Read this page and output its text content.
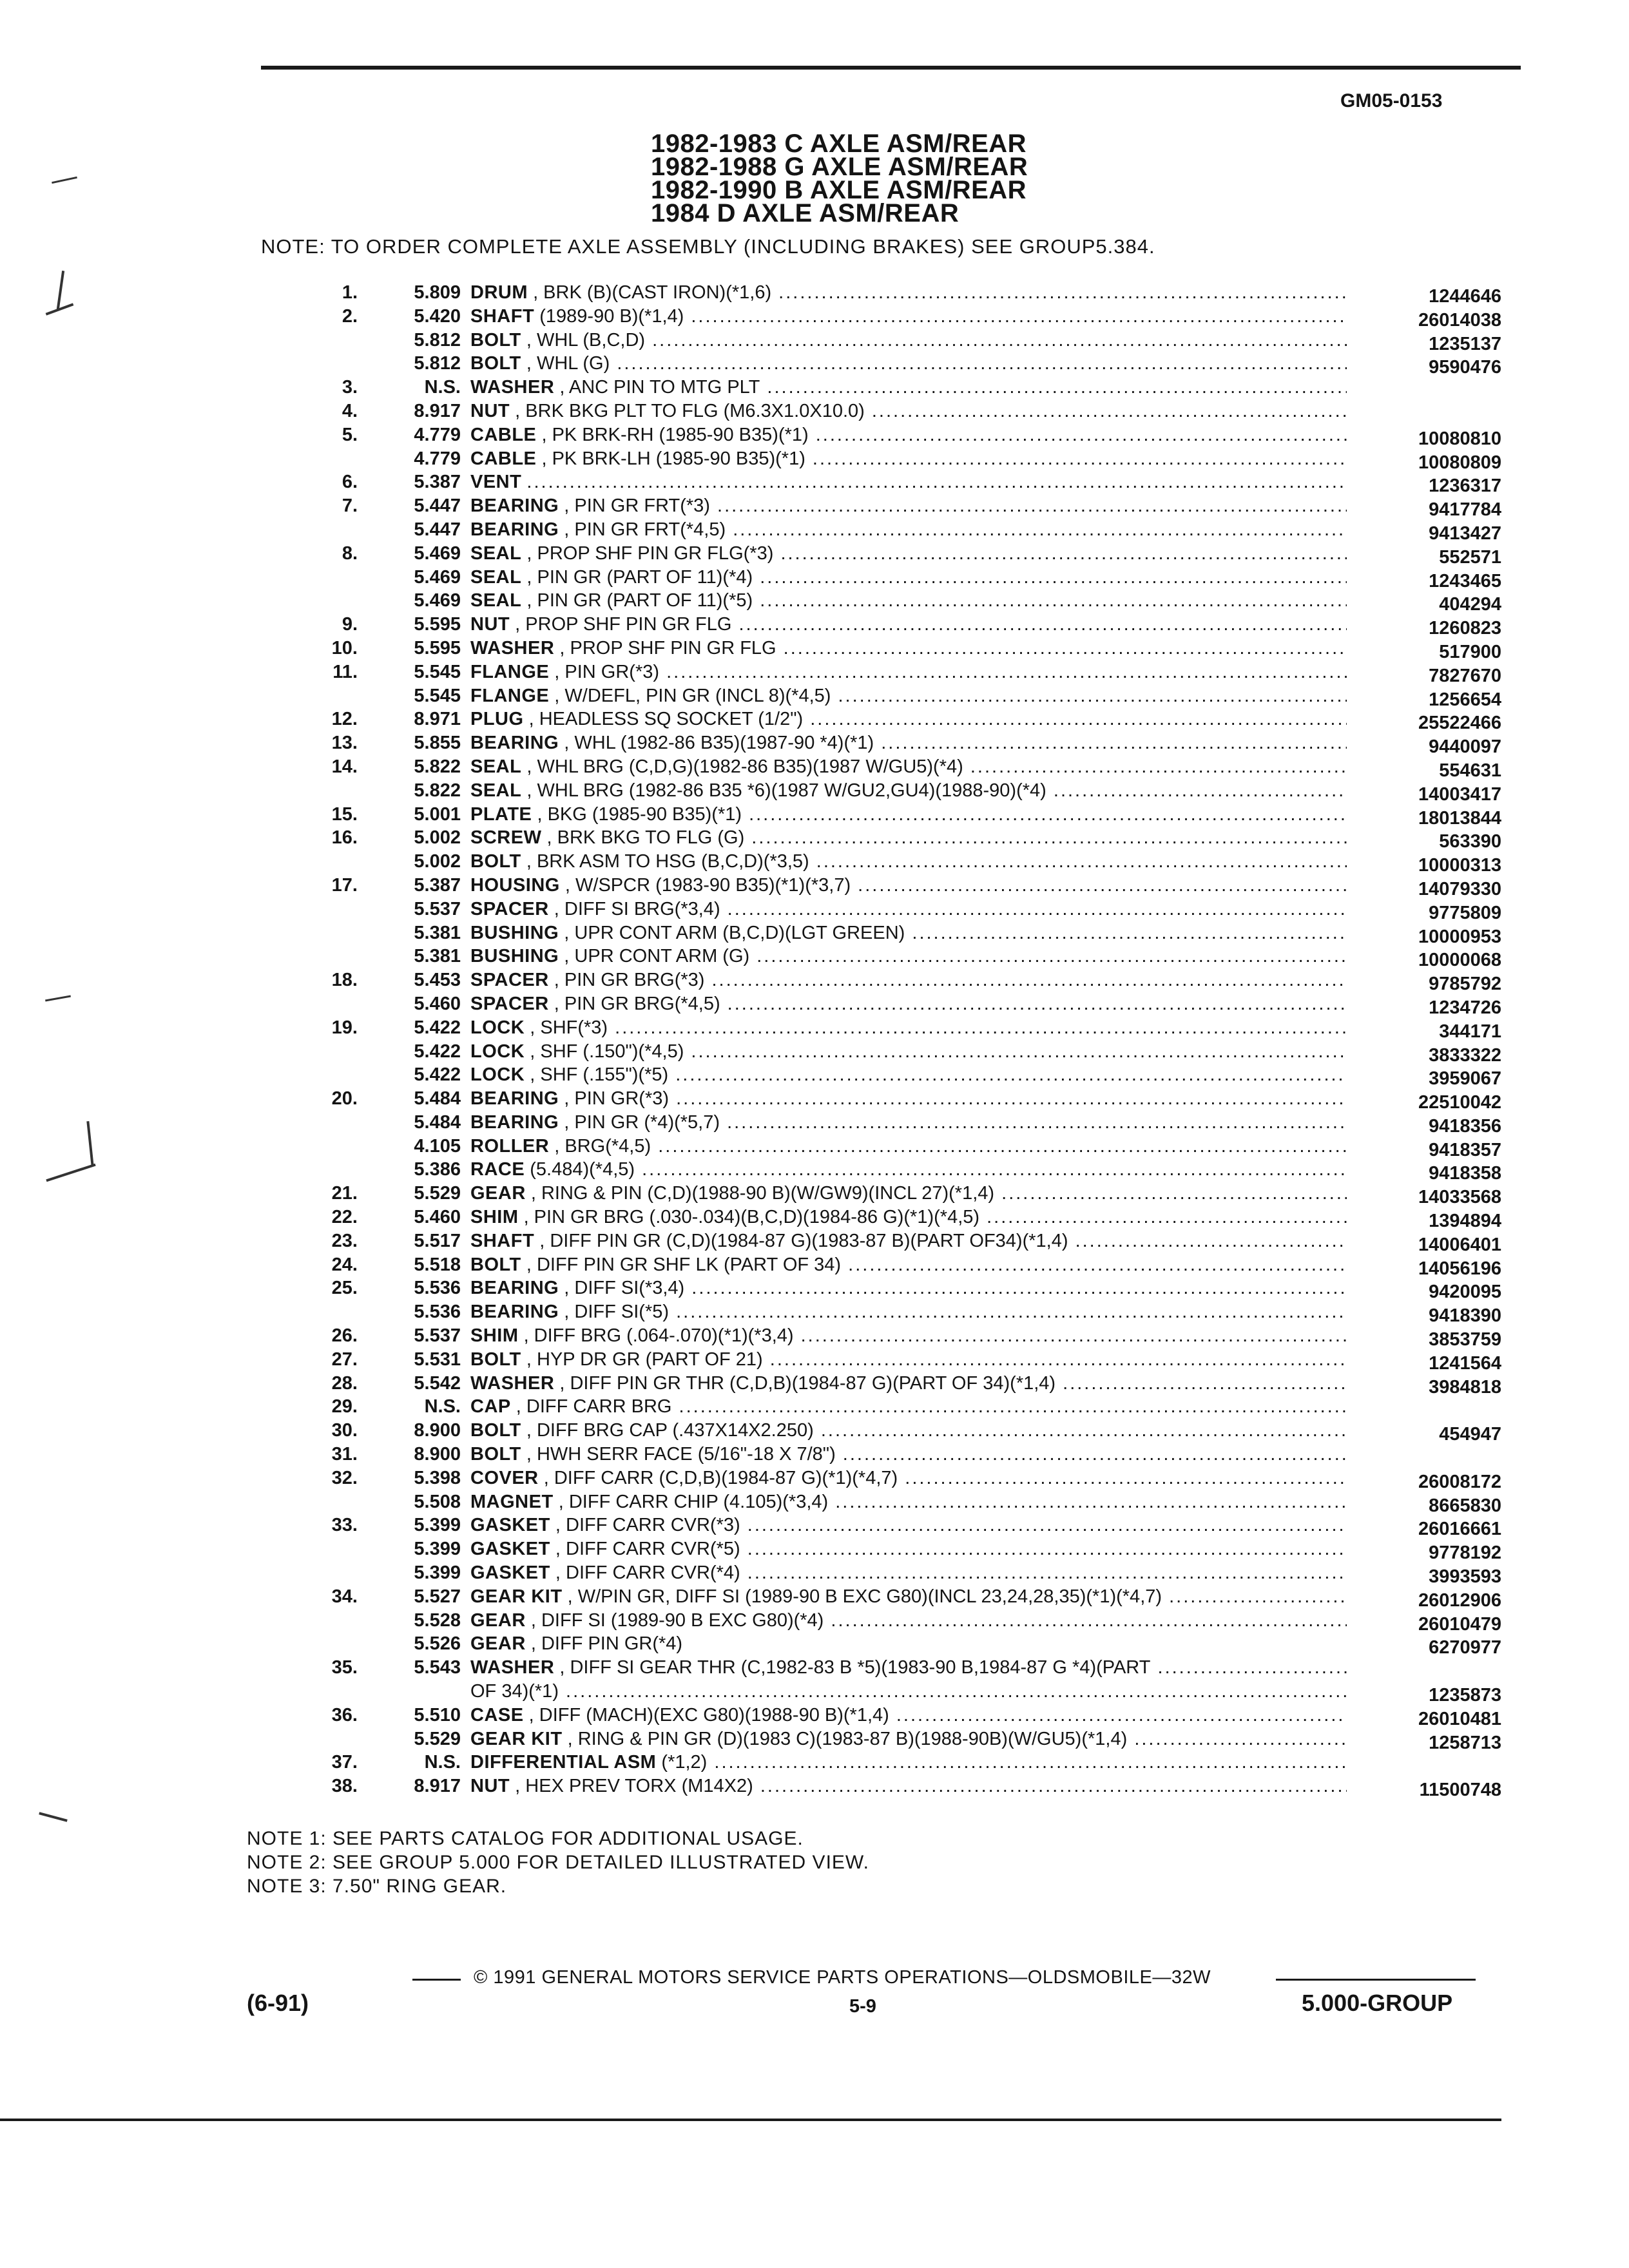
GM05-0153
1982-1983 C AXLE ASM/REAR
1982-1988 G AXLE ASM/REAR
1982-1990 B AXLE ASM/REAR
1984 D AXLE ASM/REAR
NOTE: TO ORDER COMPLETE AXLE ASSEMBLY (INCLUDING BRAKES) SEE GROUP5.384.
1.	5.809 DRUM , BRK (B)(CAST IRON)(*1,6) .....	1244646
2.	5.420 SHAFT (1989-90 B)(*1,4) .....	26014038
5.812 BOLT , WHL (B,C,D) .....	1235137
5.812 BOLT , WHL (G) .....	9590476
3.	N.S. WASHER , ANC PIN TO MTG PLT .....
4.	8.917 NUT , BRK BKG PLT TO FLG (M6.3X1.0X10.0) .....
5.	4.779 CABLE , PK BRK-RH (1985-90 B35)(*1) .....	10080810
4.779 CABLE , PK BRK-LH (1985-90 B35)(*1) .....	10080809
6.	5.387 VENT .....	1236317
7.	5.447 BEARING , PIN GR FRT(*3) .....	9417784
5.447 BEARING , PIN GR FRT(*4,5) .....	9413427
8.	5.469 SEAL , PROP SHF PIN GR FLG(*3) .....	552571
5.469 SEAL , PIN GR (PART OF 11)(*4) .....	1243465
5.469 SEAL , PIN GR (PART OF 11)(*5) .....	404294
9.	5.595 NUT , PROP SHF PIN GR FLG .....	1260823
10.	5.595 WASHER , PROP SHF PIN GR FLG .....	517900
11.	5.545 FLANGE , PIN GR(*3) .....	7827670
5.545 FLANGE , W/DEFL, PIN GR (INCL 8)(*4,5) .....	1256654
12.	8.971 PLUG , HEADLESS SQ SOCKET (1/2") .....	25522466
13.	5.855 BEARING , WHL (1982-86 B35)(1987-90 *4)(*1) .....	9440097
14.	5.822 SEAL , WHL BRG (C,D,G)(1982-86 B35)(1987 W/GU5)(*4) .....	554631
5.822 SEAL , WHL BRG (1982-86 B35 *6)(1987 W/GU2,GU4)(1988-90)(*4) .....	14003417
15.	5.001 PLATE , BKG (1985-90 B35)(*1) .....	18013844
16.	5.002 SCREW , BRK BKG TO FLG (G) .....	563390
5.002 BOLT , BRK ASM TO HSG (B,C,D)(*3,5) .....	10000313
17.	5.387 HOUSING , W/SPCR (1983-90 B35)(*1)(*3,7) .....	14079330
5.537 SPACER , DIFF SI BRG(*3,4) .....	9775809
5.381 BUSHING , UPR CONT ARM (B,C,D)(LGT GREEN) .....	10000953
5.381 BUSHING , UPR CONT ARM (G) .....	10000068
18.	5.453 SPACER , PIN GR BRG(*3) .....	9785792
5.460 SPACER , PIN GR BRG(*4,5) .....	1234726
19.	5.422 LOCK , SHF(*3) .....	344171
5.422 LOCK , SHF (.150")(*4,5) .....	3833322
5.422 LOCK , SHF (.155")(*5) .....	3959067
20.	5.484 BEARING , PIN GR(*3) .....	22510042
5.484 BEARING , PIN GR (*4)(*5,7) .....	9418356
4.105 ROLLER , BRG(*4,5) .....	9418357
5.386 RACE (5.484)(*4,5) .....	9418358
21.	5.529 GEAR , RING & PIN (C,D)(1988-90 B)(W/GW9)(INCL 27)(*1,4) .....	14033568
22.	5.460 SHIM , PIN GR BRG (.030-.034)(B,C,D)(1984-86 G)(*1)(*4,5) .....	1394894
23.	5.517 SHAFT , DIFF PIN GR (C,D)(1984-87 G)(1983-87 B)(PART OF34)(*1,4) .....	14006401
24.	5.518 BOLT , DIFF PIN GR SHF LK (PART OF 34) .....	14056196
25.	5.536 BEARING , DIFF SI(*3,4) .....	9420095
5.536 BEARING , DIFF SI(*5) .....	9418390
26.	5.537 SHIM , DIFF BRG (.064-.070)(*1)(*3,4) .....	3853759
27.	5.531 BOLT , HYP DR GR (PART OF 21) .....	1241564
28.	5.542 WASHER , DIFF PIN GR THR (C,D,B)(1984-87 G)(PART OF 34)(*1,4) .....	3984818
29.	N.S. CAP , DIFF CARR BRG .....
30.	8.900 BOLT , DIFF BRG CAP (.437X14X2.250) .....	454947
31.	8.900 BOLT , HWH SERR FACE (5/16"-18 X 7/8") .....
32.	5.398 COVER , DIFF CARR (C,D,B)(1984-87 G)(*1)(*4,7) .....	26008172
5.508 MAGNET , DIFF CARR CHIP (4.105)(*3,4) .....	8665830
33.	5.399 GASKET , DIFF CARR CVR(*3) .....	26016661
5.399 GASKET , DIFF CARR CVR(*5) .....	9778192
5.399 GASKET , DIFF CARR CVR(*4) .....	3993593
34.	5.527 GEAR KIT , W/PIN GR, DIFF SI (1989-90 B EXC G80)(INCL 23,24,28,35)(*1)(*4,7) .....	26012906
5.528 GEAR , DIFF SI (1989-90 B EXC G80)(*4) .....	26010479
5.526 GEAR , DIFF PIN GR(*4)	6270977
35.	5.543 WASHER , DIFF SI GEAR THR (C,1982-83 B *5)(1983-90 B,1984-87 G *4)(PART .....
OF 34)(*1) .....	1235873
36.	5.510 CASE , DIFF (MACH)(EXC G80)(1988-90 B)(*1,4) .....	26010481
5.529 GEAR KIT , RING & PIN GR (D)(1983 C)(1983-87 B)(1988-90B)(W/GU5)(*1,4) .....	1258713
37.	N.S. DIFFERENTIAL ASM (*1,2) .....
38.	8.917 NUT , HEX PREV TORX (M14X2) .....	11500748
NOTE 1: SEE PARTS CATALOG FOR ADDITIONAL USAGE.
NOTE 2: SEE GROUP 5.000 FOR DETAILED ILLUSTRATED VIEW.
NOTE 3: 7.50" RING GEAR.
© 1991 GENERAL MOTORS SERVICE PARTS OPERATIONS—OLDSMOBILE—32W
(6-91)	5-9	5.000-GROUP
